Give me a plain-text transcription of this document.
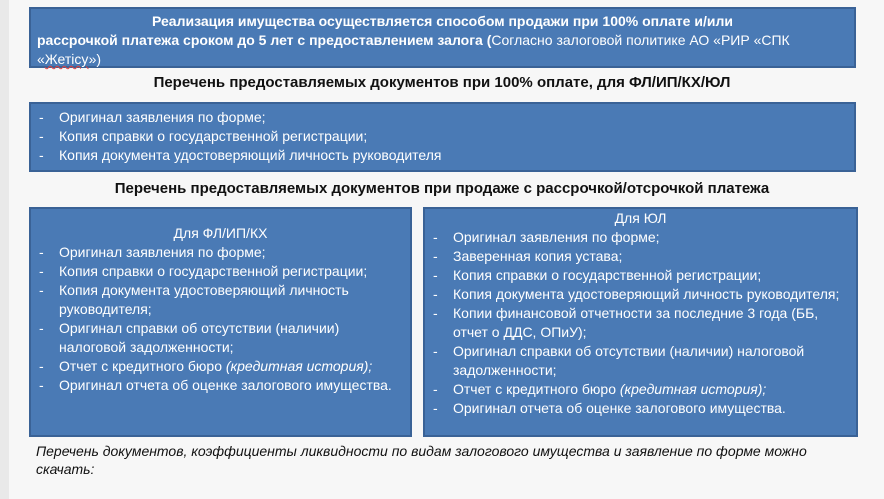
Реализация имущества осуществляется способом продажи при 100% оплате и/или
рассрочкой платежа сроком до 5 лет с предоставлением залога (Согласно залоговой политике АО «РИР «СПК
«Жетісу»)
Перечень предоставляемых документов при 100% оплате, для ФЛ/ИП/КХ/ЮЛ
- Оригинал заявления по форме;
- Копия справки о государственной регистрации;
- Копия документа удостоверяющий личность руководителя
Перечень предоставляемых документов при продаже с рассрочкой/отсрочкой платежа
Для ФЛ/ИП/КХ
- Оригинал заявления по форме;
- Копия справки о государственной регистрации;
- Копия документа удостоверяющий личность руководителя;
- Оригинал справки об отсутствии (наличии) налоговой задолженности;
- Отчет с кредитного бюро (кредитная история);
- Оригинал отчета об оценке залогового имущества.
Для ЮЛ
- Оригинал заявления по форме;
- Заверенная копия устава;
- Копия справки о государственной регистрации;
- Копия документа удостоверяющий личность руководителя;
- Копии финансовой отчетности за последние 3 года (ББ, отчет о ДДС, ОПиУ);
- Оригинал справки об отсутствии (наличии) налоговой задолженности;
- Отчет с кредитного бюро (кредитная история);
- Оригинал отчета об оценке залогового имущества.
Перечень документов, коэффициенты ликвидности по видам залогового имущества и заявление по форме можно скачать:
